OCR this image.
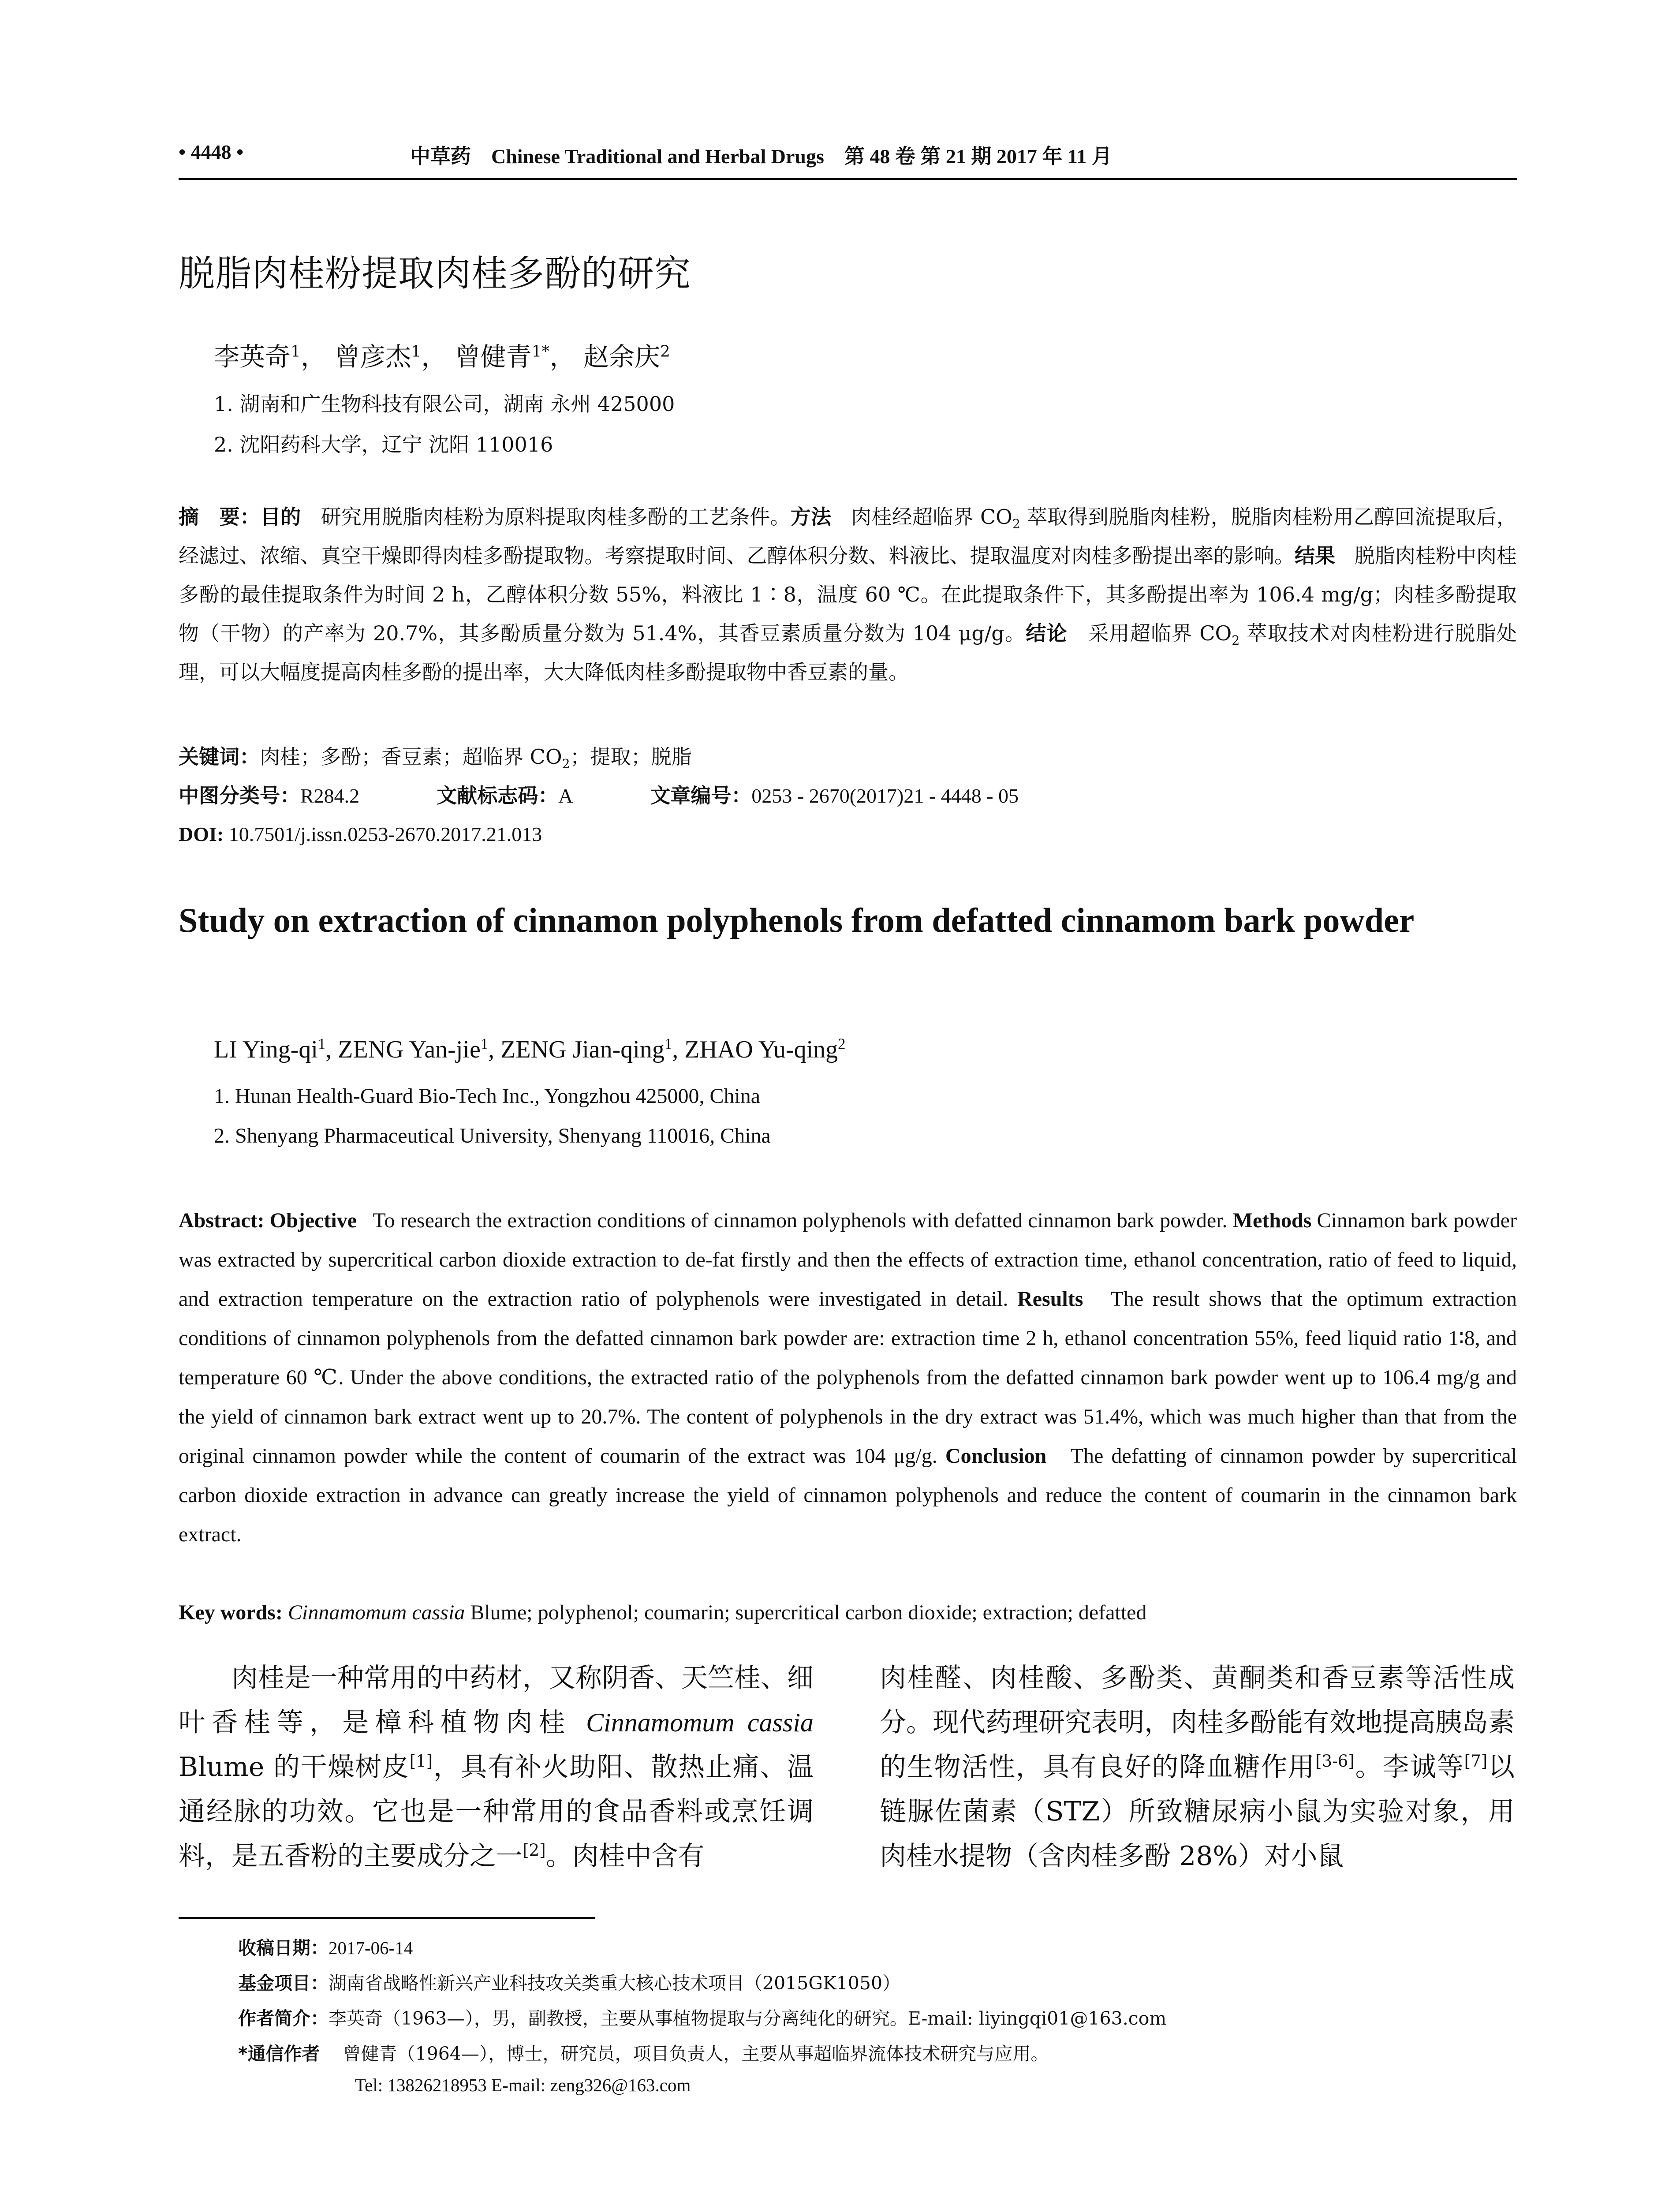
• 4448 •	中草药 Chinese Traditional and Herbal Drugs 第 48 卷 第 21 期 2017 年 11 月
脱脂肉桂粉提取肉桂多酚的研究
李英奇$^1$， 曾彦杰$^1$， 曾健青$^{1*}$， 赵余庆$^2$
1. 湖南和广生物科技有限公司，湖南 永州 425000
2. 沈阳药科大学，辽宁 沈阳 110016
摘　要：目的 研究用脱脂肉桂粉为原料提取肉桂多酚的工艺条件。方法 肉桂经超临界 $CO_2$ 萃取得到脱脂肉桂粉，脱脂肉桂粉用乙醇回流提取后，经滤过、浓缩、真空干燥即得肉桂多酚提取物。考察提取时间、乙醇体积分数、料液比、提取温度对肉桂多酚提出率的影响。结果 脱脂肉桂粉中肉桂多酚的最佳提取条件为时间 2 h，乙醇体积分数 55%，料液比 1∶8，温度 60 ℃。在此提取条件下，其多酚提出率为 106.4 mg/g；肉桂多酚提取物（干物）的产率为 20.7%，其多酚质量分数为 51.4%，其香豆素质量分数为 104 μg/g。结论 采用超临界 $CO_2$ 萃取技术对肉桂粉进行脱脂处理，可以大幅度提高肉桂多酚的提出率，大大降低肉桂多酚提取物中香豆素的量。
关键词：肉桂；多酚；香豆素；超临界 $CO_2$；提取；脱脂
中图分类号：R284.2	文献标志码：A	文章编号：0253 - 2670(2017)21 - 4448 - 05
DOI: 10.7501/j.issn.0253-2670.2017.21.013
Study on extraction of cinnamon polyphenols from defatted cinnamom bark powder
LI Ying-$qi^1$, ZENG Yan-jie$^1$, ZENG Jian-qing$^1$, ZHAO Yu-qing$^2$
1. Hunan Health-Guard Bio-Tech Inc., Yongzhou 425000, China
2. Shenyang Pharmaceutical University, Shenyang 110016, China
Abstract: Objective To research the extraction conditions of cinnamon polyphenols with defatted cinnamon bark powder. Methods Cinnamon bark powder was extracted by supercritical carbon dioxide extraction to de-fat firstly and then the effects of extraction time, ethanol concentration, ratio of feed to liquid, and extraction temperature on the extraction ratio of polyphenols were investigated in detail. Results The result shows that the optimum extraction conditions of cinnamon polyphenols from the defatted cinnamon bark powder are: extraction time 2 h, ethanol concentration 55%, feed liquid ratio 1∶8, and temperature 60 ℃. Under the above conditions, the extracted ratio of the polyphenols from the defatted cinnamon bark powder went up to 106.4 mg/g and the yield of cinnamon bark extract went up to 20.7%. The content of polyphenols in the dry extract was 51.4%, which was much higher than that from the original cinnamon powder while the content of coumarin of the extract was 104 μg/g. Conclusion The defatting of cinnamon powder by supercritical carbon dioxide extraction in advance can greatly increase the yield of cinnamon polyphenols and reduce the content of coumarin in the cinnamon bark extract.
Key words: Cinnamomum cassia Blume; polyphenol; coumarin; supercritical carbon dioxide; extraction; defatted
肉桂是一种常用的中药材，又称阴香、天竺桂、细叶香桂等，是樟科植物肉桂 Cinnamomum cassia Blume 的干燥树皮[1]，具有补火助阳、散热止痛、温通经脉的功效。它也是一种常用的食品香料或烹饪调料，是五香粉的主要成分之一[2]。肉桂中含有
肉桂醛、肉桂酸、多酚类、黄酮类和香豆素等活性成分。现代药理研究表明，肉桂多酚能有效地提高胰岛素的生物活性，具有良好的降血糖作用[3-6]。李诚等[7]以链脲佐菌素（STZ）所致糖尿病小鼠为实验对象，用肉桂水提物（含肉桂多酚 28%）对小鼠
收稿日期：2017-06-14
基金项目：湖南省战略性新兴产业科技攻关类重大核心技术项目（2015GK1050）
作者简介：李英奇（1963—），男，副教授，主要从事植物提取与分离纯化的研究。E-mail: liyingqi01@163.com
*通信作者 曾健青（1964—），博士，研究员，项目负责人，主要从事超临界流体技术研究与应用。
Tel: 13826218953 E-mail: zeng326@163.com
